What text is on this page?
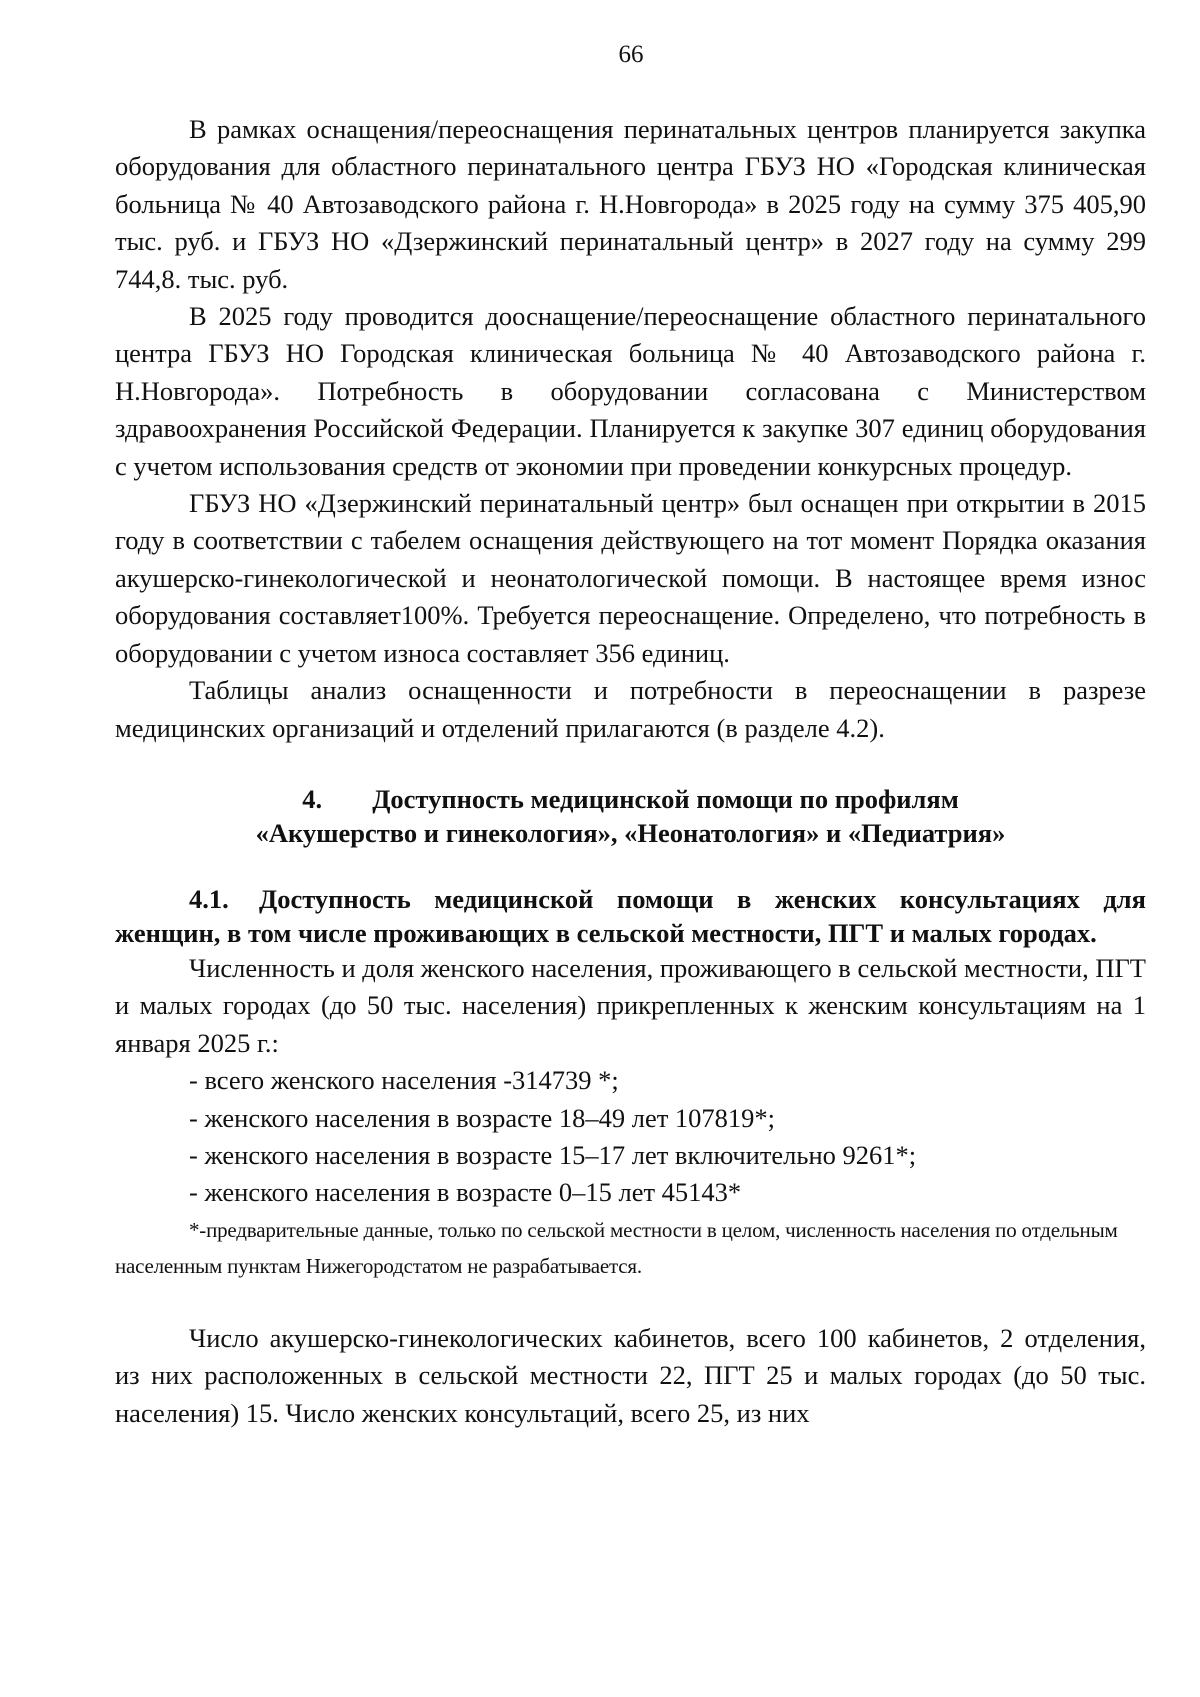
66

В рамках оснащения/переоснащения перинатальных центров планируется закупка оборудования для областного перинатального центра ГБУЗ НО «Городская клиническая больница № 40 Автозаводского района г. Н.Новгорода» в 2025 году на сумму 375 405,90 тыс. руб. и ГБУЗ НО «Дзержинский перинатальный центр» в 2027 году на сумму 299 744,8. тыс. руб.

В 2025 году проводится дооснащение/переоснащение областного перинатального центра ГБУЗ НО Городская клиническая больница № 40 Автозаводского района г. Н.Новгорода». Потребность в оборудовании согласована с Министерством здравоохранения Российской Федерации. Планируется к закупке 307 единиц оборудования с учетом использования средств от экономии при проведении конкурсных процедур.

ГБУЗ НО «Дзержинский перинатальный центр» был оснащен при открытии в 2015 году в соответствии с табелем оснащения действующего на тот момент Порядка оказания акушерско-гинекологической и неонатологической помощи. В настоящее время износ оборудования составляет100%. Требуется переоснащение. Определено, что потребность в оборудовании с учетом износа составляет 356 единиц.

Таблицы анализ оснащенности и потребности в переоснащении в разрезе медицинских организаций и отделений прилагаются (в разделе 4.2).

4. Доступность медицинской помощи по профилям
«Акушерство и гинекология», «Неонатология» и «Педиатрия»
4.1. Доступность медицинской помощи в женских консультациях для женщин, в том числе проживающих в сельской местности, ПГТ и малых городах.

Численность и доля женского населения, проживающего в сельской местности, ПГТ и малых городах (до 50 тыс. населения) прикрепленных к женским консультациям на 1 января 2025 г.:

- всего женского населения -314739 *;

- женского населения в возрасте 18–49 лет 107819*;

- женского населения в возрасте 15–17 лет включительно 9261*;

- женского населения в возрасте 0–15 лет 45143*

*-предварительные данные, только по сельской местности в целом, численность населения по отдельным населенным пунктам Нижегородстатом не разрабатывается.

Число акушерско-гинекологических кабинетов, всего 100 кабинетов, 2 отделения, из них расположенных в сельской местности 22, ПГТ 25 и малых городах (до 50 тыс. населения) 15. Число женских консультаций, всего 25, из них
